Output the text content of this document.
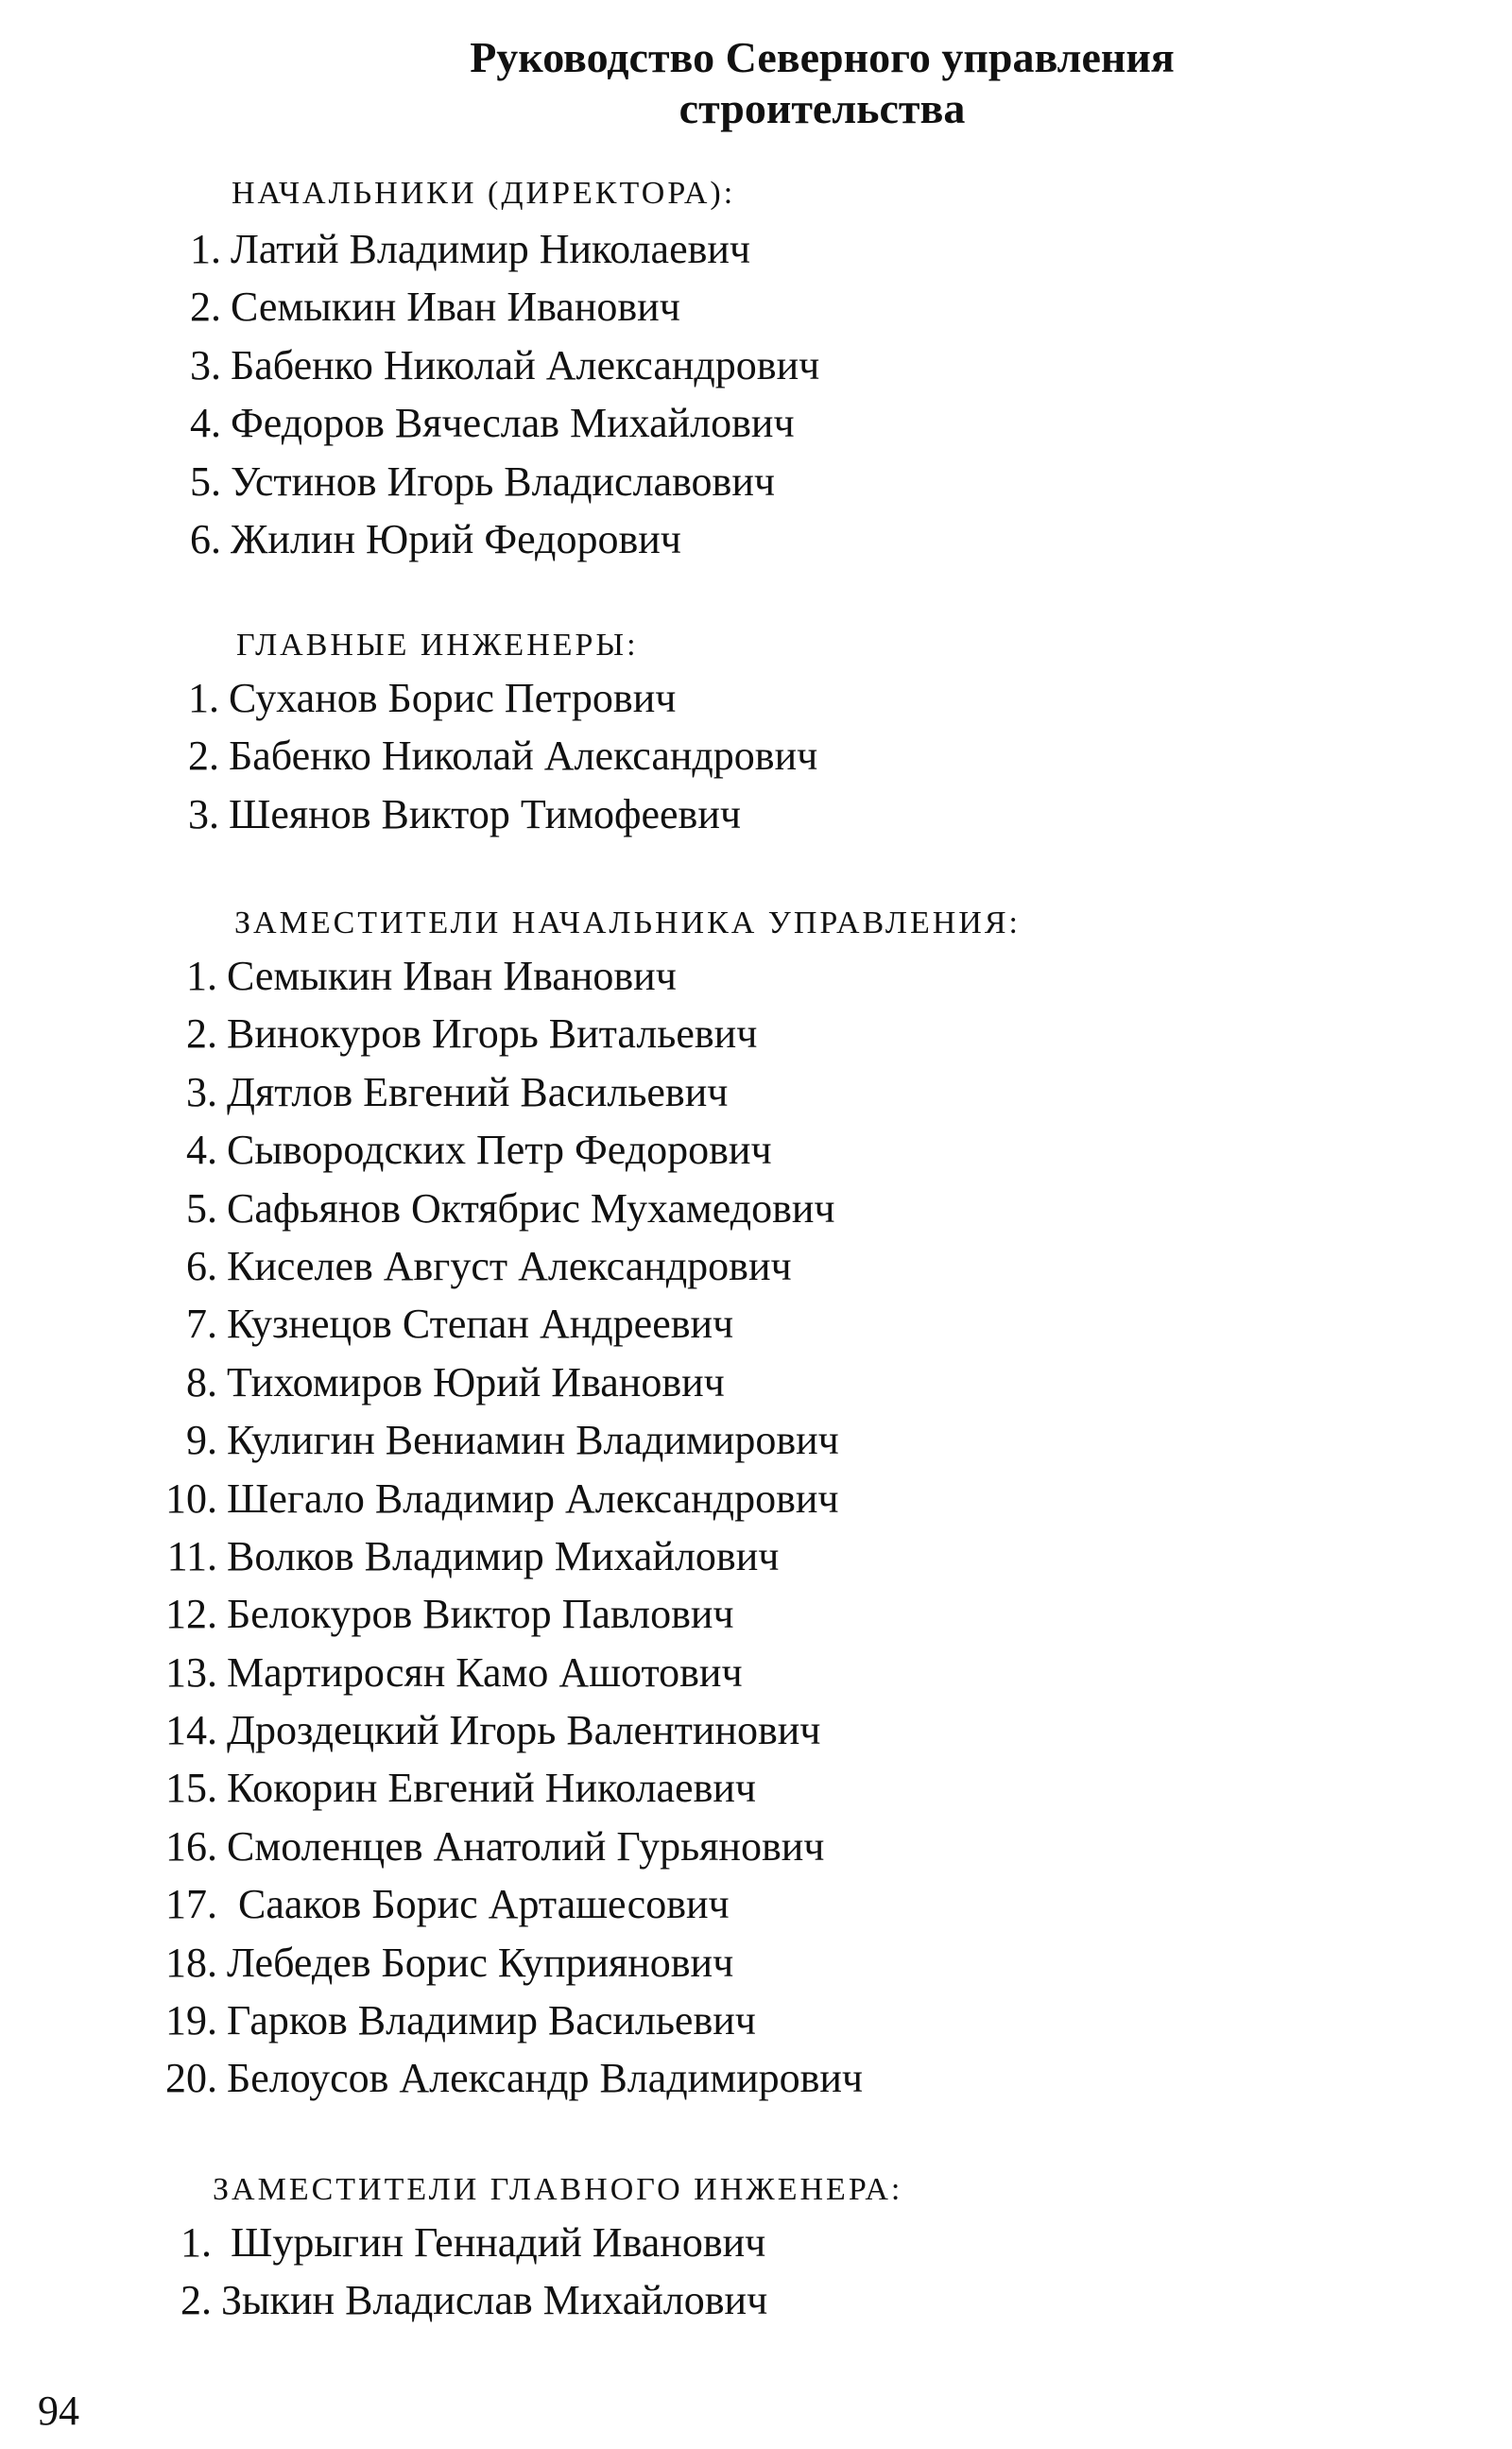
Руководство Северного управления
строительства
НАЧАЛЬНИКИ (ДИРЕКТОРА):
1. Латий Владимир Николаевич
2. Семыкин Иван Иванович
3. Бабенко Николай Александрович
4. Федоров Вячеслав Михайлович
5. Устинов Игорь Владиславович
6. Жилин Юрий Федорович
ГЛАВНЫЕ ИНЖЕНЕРЫ:
1. Суханов Борис Петрович
2. Бабенко Николай Александрович
3. Шеянов Виктор Тимофеевич
ЗАМЕСТИТЕЛИ НАЧАЛЬНИКА УПРАВЛЕНИЯ:
1. Семыкин Иван Иванович
2. Винокуров Игорь Витальевич
3. Дятлов Евгений Васильевич
4. Сывородских Петр Федорович
5. Сафьянов Октябрис Мухамедович
6. Киселев Август Александрович
7. Кузнецов Степан Андреевич
8. Тихомиров Юрий Иванович
9. Кулигин Вениамин Владимирович
10. Шегало Владимир Александрович
11. Волков Владимир Михайлович
12. Белокуров Виктор Павлович
13. Мартиросян Камо Ашотович
14. Дроздецкий Игорь Валентинович
15. Кокорин Евгений Николаевич
16. Смоленцев Анатолий Гурьянович
17. Сааков Борис Арташесович
18. Лебедев Борис Куприянович
19. Гарков Владимир Васильевич
20. Белоусов Александр Владимирович
ЗАМЕСТИТЕЛИ ГЛАВНОГО ИНЖЕНЕРА:
1. Шурыгин Геннадий Иванович
2. Зыкин Владислав Михайлович
94
